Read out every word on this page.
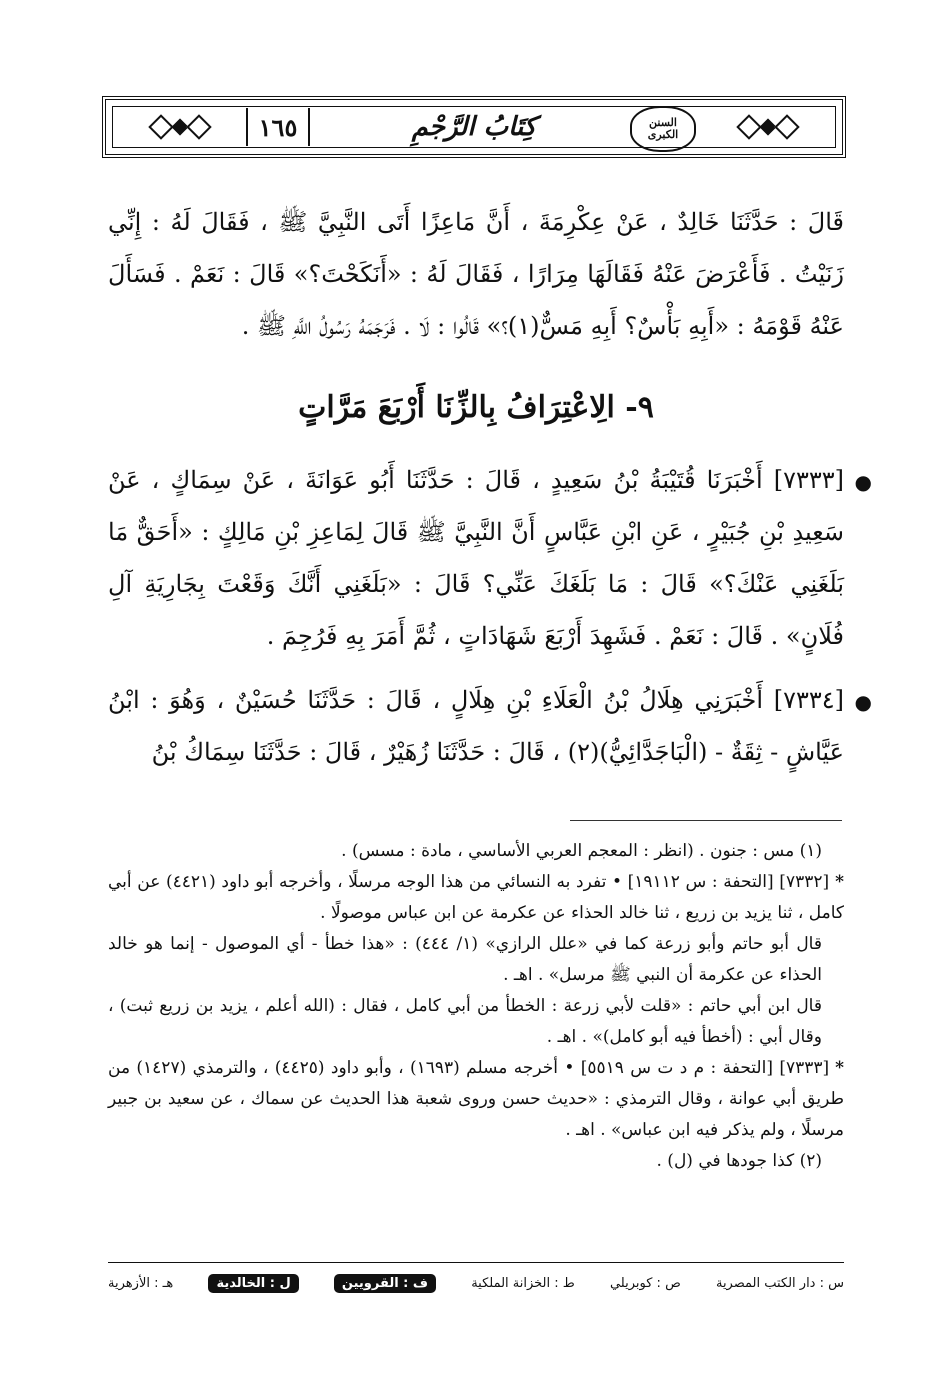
١٦٥	كِتَابُ الرَّجْمِ	السنن الكبرى

قَالَ : حَدَّثَنَا خَالِدٌ ، عَنْ عِكْرِمَةَ ، أَنَّ مَاعِزًا أَتَى النَّبِيَّ ﷺ ، فَقَالَ لَهُ : إِنِّي زَنَيْتُ . فَأَعْرَضَ عَنْهُ فَقَالَهَا مِرَارًا ، فَقَالَ لَهُ : «أَنَكَحْتَ؟» قَالَ : نَعَمْ . فَسَأَلَ عَنْهُ قَوْمَهُ : «أَبِهِ بَأْسٌ؟ أَبِهِ مَسٌّ(١)؟» قَالُوا : لَا . فَرَجَمَهُ رَسُولُ اللَّهِ ﷺ .

٩- الِاعْتِرَافُ بِالزِّنَا أَرْبَعَ مَرَّاتٍ
●

[٧٣٣٣] أَخْبَرَنَا قُتَيْبَةُ بْنُ سَعِيدٍ ، قَالَ : حَدَّثَنَا أَبُو عَوَانَةَ ، عَنْ سِمَاكٍ ، عَنْ سَعِيدِ بْنِ جُبَيْرٍ ، عَنِ ابْنِ عَبَّاسٍ أَنَّ النَّبِيَّ ﷺ قَالَ لِمَاعِزِ بْنِ مَالِكٍ : «أَحَقٌّ مَا بَلَغَنِي عَنْكَ؟» قَالَ : مَا بَلَغَكَ عَنِّي؟ قَالَ : «بَلَغَنِي أَنَّكَ وَقَعْتَ بِجَارِيَةِ آلِ فُلَانٍ» . قَالَ : نَعَمْ . فَشَهِدَ أَرْبَعَ شَهَادَاتٍ ، ثُمَّ أَمَرَ بِهِ فَرُجِمَ .

●

[٧٣٣٤] أَخْبَرَنِي هِلَالُ بْنُ الْعَلَاءِ بْنِ هِلَالٍ ، قَالَ : حَدَّثَنَا حُسَيْنٌ ، وَهُوَ : ابْنُ عَيَّاشٍ - ثِقَةٌ - (الْبَاجَدَّائِيُّ)(٢) ، قَالَ : حَدَّثَنَا زُهَيْرٌ ، قَالَ : حَدَّثَنَا سِمَاكُ بْنُ

(١) مس : جنون . (انظر : المعجم العربي الأساسي ، مادة : مسس) .

*[٧٣٣٢] [التحفة : س ١٩١١٢] • تفرد به النسائي من هذا الوجه مرسلًا ، وأخرجه أبو داود (٤٤٢١) عن أبي كامل ، ثنا يزيد بن زريع ، ثنا خالد الحذاء عن عكرمة عن ابن عباس موصولًا .

قال أبو حاتم وأبو زرعة كما في «علل الرازي» (١/ ٤٤٤) : «هذا خطأ - أي الموصول - إنما هو خالد الحذاء عن عكرمة أن النبي ﷺ مرسل» . اهـ .

قال ابن أبي حاتم : «قلت لأبي زرعة : الخطأ من أبي كامل ، فقال : (الله أعلم ، يزيد بن زريع ثبت) ، وقال أبي : (أخطأ فيه أبو كامل)» . اهـ .

*[٧٣٣٣] [التحفة : م د ت س ٥٥١٩] • أخرجه مسلم (١٦٩٣) ، وأبو داود (٤٤٢٥) ، والترمذي (١٤٢٧) من طريق أبي عوانة ، وقال الترمذي : «حديث حسن وروى شعبة هذا الحديث عن سماك ، عن سعيد بن جبير مرسلًا ، ولم يذكر فيه ابن عباس» . اهـ .

(٢) كذا جودها في (ل) .

س : دار الكتب المصرية
ص : كوبريلي
ط : الخزانة الملكية
ف : القرويين
ل : الخالدية
هـ : الأزهرية
